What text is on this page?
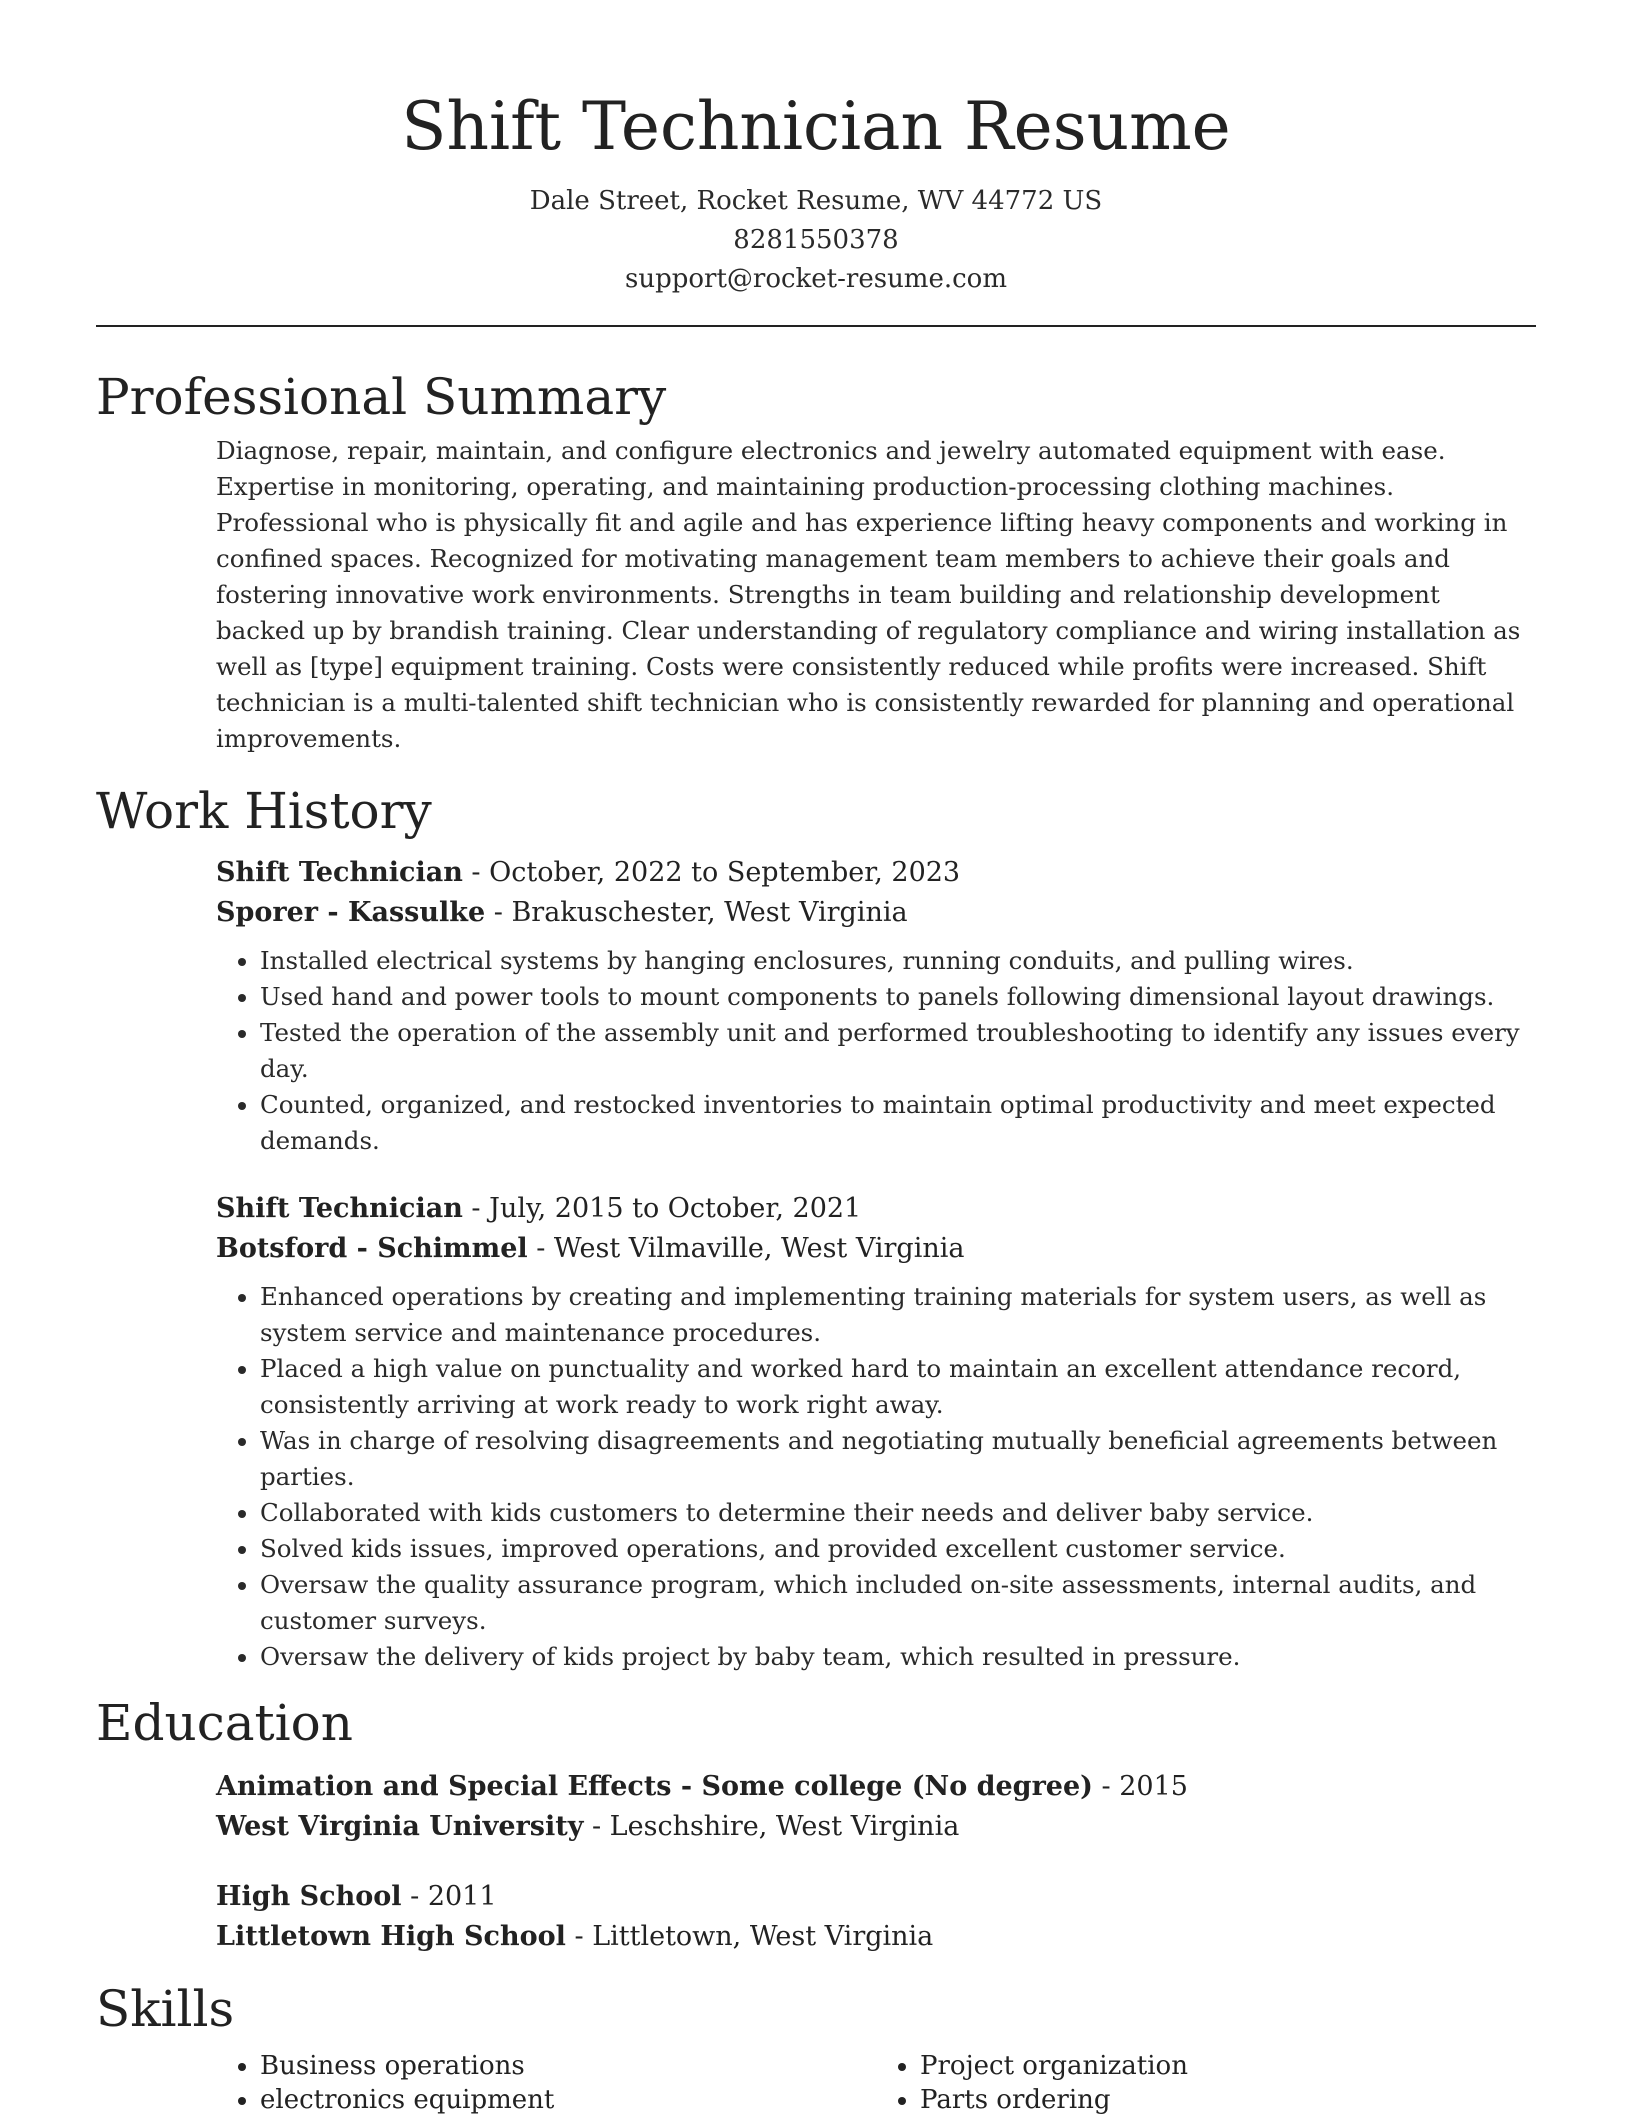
Shift Technician Resume
Dale Street, Rocket Resume, WV 44772 US
8281550378
support@rocket-resume.com
Professional Summary

Diagnose, repair, maintain, and configure electronics and jewelry automated equipment with ease. Expertise in monitoring, operating, and maintaining production-processing clothing machines. Professional who is physically fit and agile and has experience lifting heavy components and working in confined spaces. Recognized for motivating management team members to achieve their goals and fostering innovative work environments. Strengths in team building and relationship development backed up by brandish training. Clear understanding of regulatory compliance and wiring installation as well as [type] equipment training. Costs were consistently reduced while profits were increased. Shift technician is a multi-talented shift technician who is consistently rewarded for planning and operational improvements.

Work History
Shift Technician - October, 2022 to September, 2023
Sporer - Kassulke - Brakuschester, West Virginia
• Installed electrical systems by hanging enclosures, running conduits, and pulling wires.
• Used hand and power tools to mount components to panels following dimensional layout drawings.
• Tested the operation of the assembly unit and performed troubleshooting to identify any issues every day.
• Counted, organized, and restocked inventories to maintain optimal productivity and meet expected demands.
Shift Technician - July, 2015 to October, 2021
Botsford - Schimmel - West Vilmaville, West Virginia
• Enhanced operations by creating and implementing training materials for system users, as well as system service and maintenance procedures.
• Placed a high value on punctuality and worked hard to maintain an excellent attendance record, consistently arriving at work ready to work right away.
• Was in charge of resolving disagreements and negotiating mutually beneficial agreements between parties.
• Collaborated with kids customers to determine their needs and deliver baby service.
• Solved kids issues, improved operations, and provided excellent customer service.
• Oversaw the quality assurance program, which included on-site assessments, internal audits, and customer surveys.
• Oversaw the delivery of kids project by baby team, which resulted in pressure.
Education
Animation and Special Effects - Some college (No degree) - 2015
West Virginia University - Leschshire, West Virginia
High School - 2011
Littletown High School - Littletown, West Virginia
Skills
• Business operations
• electronics equipment
• Project organization
• Parts ordering
